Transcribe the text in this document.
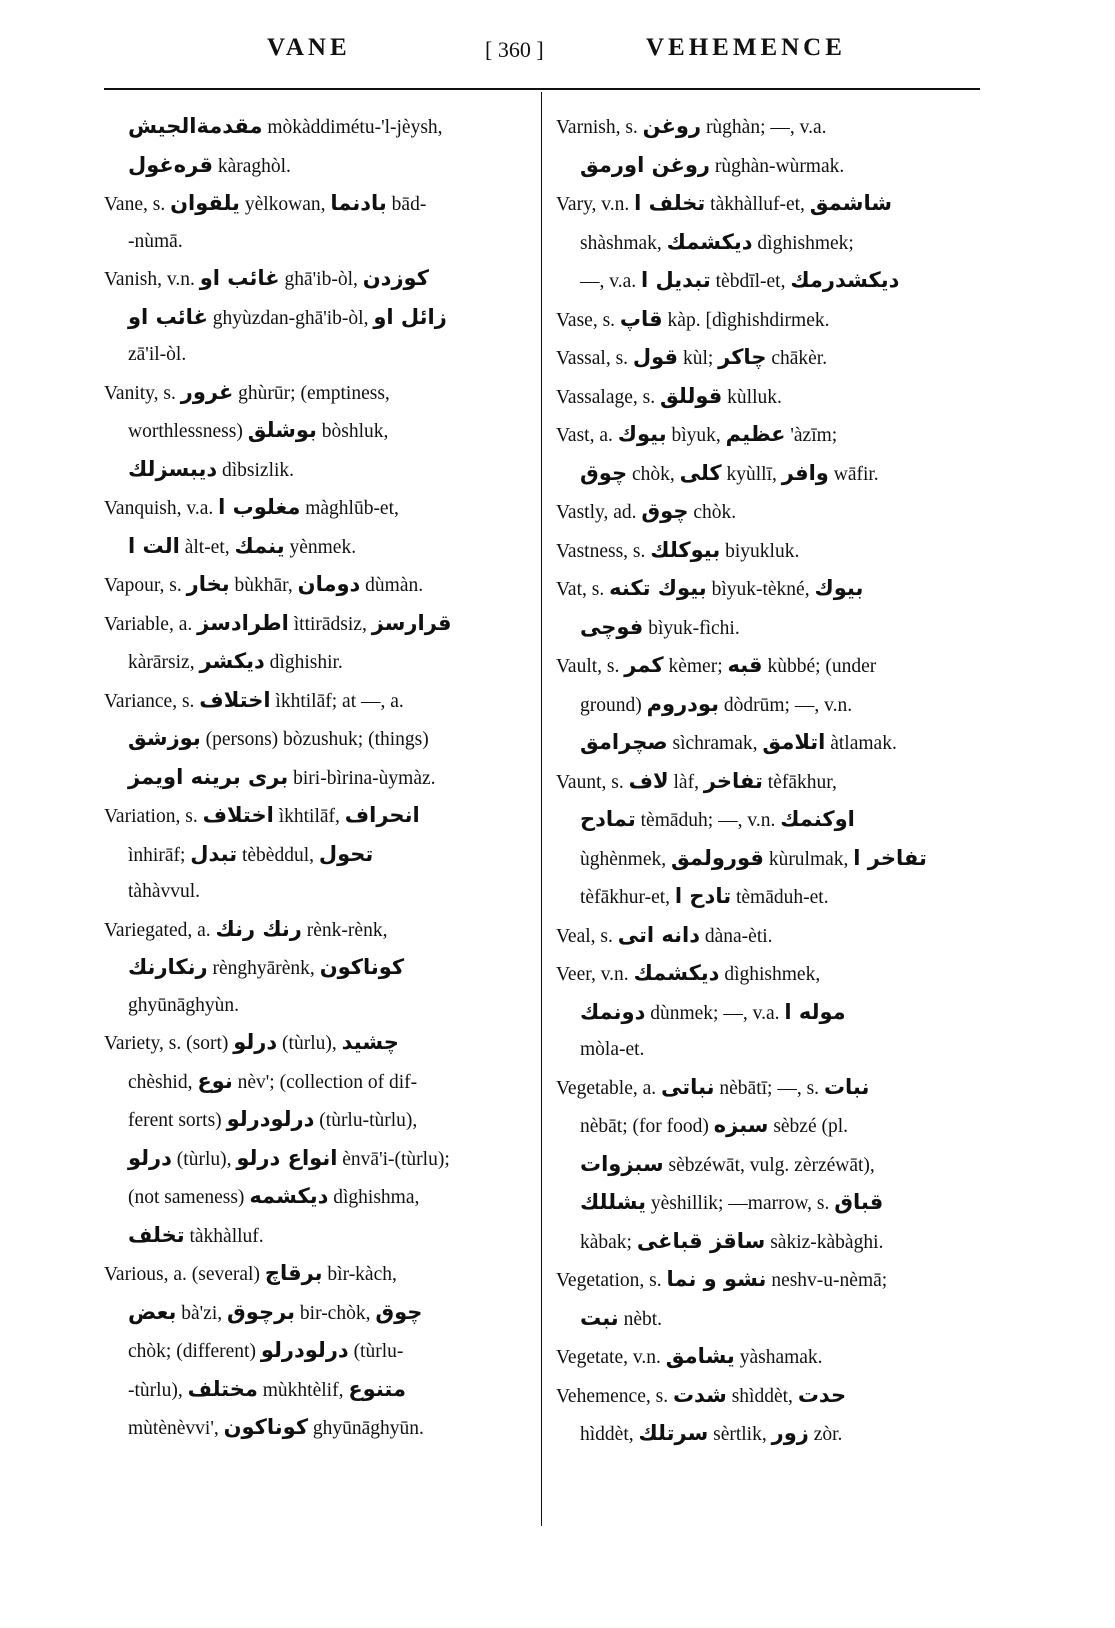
VANE	[ 360 ]	VEHEMENCE
مقدمةالجيش mòkàddimétu-'l-jèysh,
قرەغول kàraghòl.
Vane, s. يلقوان yèlkowan, بادنما bād-
-nùmā.
Vanish, v.n. غائب او ghā'ib-òl, كوزدن
غائب او ghyùzdan-ghā'ib-òl, زائل او
zā'il-òl.
Vanity, s. غرور ghùrūr; (emptiness,
worthlessness) بوشلق bòshluk,
ديبسزلك dìbsizlik.
Vanquish, v.a. مغلوب ا màghlūb-et,
الت ا àlt-et, ينمك yènmek.
Vapour, s. بخار bùkhār, دومان dùmàn.
Variable, a. اطرادسز ìttirādsiz, قرارسز
kàrārsiz, ديكشر dìghishir.
Variance, s. اختلاف ìkhtilāf; at —, a.
بوزشق (persons) bòzushuk; (things)
بری برينه اويمز biri-bìrina-ùymàz.
Variation, s. اختلاف ìkhtilāf, انحراف
ìnhirāf; تبدل tèbèddul, تحول
tàhàvvul.
Variegated, a. رنك رنك rènk-rènk,
رنكارنك rènghyārènk, كوناكون
ghyūnāghyùn.
Variety, s. (sort) درلو (tùrlu), چشيد
chèshid, نوع nèv'; (collection of dif-
ferent sorts) درلودرلو (tùrlu-tùrlu),
درلو (tùrlu), انواع درلو ènvā'i-(tùrlu);
(not sameness) ديكشمه dìghishma,
تخلف tàkhàlluf.
Various, a. (several) برقاچ bìr-kàch,
بعض bà'zi, برچوق bir-chòk, چوق
chòk; (different) درلودرلو (tùrlu-
-tùrlu), مختلف mùkhtèlif, متنوع
mùtènèvvi', كوناكون ghyūnāghyūn.
Varnish, s. روغن rùghàn; —, v.a.
روغن اورمق rùghàn-wùrmak.
Vary, v.n. تخلف ا tàkhàlluf-et, شاشمق
shàshmak, ديكشمك dìghishmek;
—, v.a. تبديل ا tèbdīl-et, ديكشدرمك
Vase, s. قاپ kàp. [dìghishdirmek.
Vassal, s. قول kùl; چاكر chākèr.
Vassalage, s. قوللق kùlluk.
Vast, a. بيوك bìyuk, عظيم 'àzīm;
چوق chòk, كلی kyùllī, وافر wāfir.
Vastly, ad. چوق chòk.
Vastness, s. بيوكلك biyukluk.
Vat, s. بيوك تكنه bìyuk-tèkné, بيوك
فوچی bìyuk-fìchi.
Vault, s. كمر kèmer; قبه kùbbé; (under
ground) بودروم dòdrūm; —, v.n.
صچرامق sìchramak, اتلامق àtlamak.
Vaunt, s. لاف làf, تفاخر tèfākhur,
تمادح tèmāduh; —, v.n. اوكنمك
ùghènmek, قورولمق kùrulmak, تفاخر ا
tèfākhur-et, تادح ا tèmāduh-et.
Veal, s. دانه اتی dàna-èti.
Veer, v.n. ديكشمك dìghishmek,
دونمك dùnmek; —, v.a. موله ا
mòla-et.
Vegetable, a. نباتی nèbātī; —, s. نبات
nèbāt; (for food) سبزه sèbzé (pl.
سبزوات sèbzéwāt, vulg. zèrzéwāt),
يشللك yèshillik; —marrow, s. قباق
kàbak; ساقز قباغی sàkiz-kàbàghi.
Vegetation, s. نشو و نما neshv-u-nèmā;
نبت nèbt.
Vegetate, v.n. يشامق yàshamak.
Vehemence, s. شدت shìddèt, حدت
hìddèt, سرتلك sèrtlik, زور zòr.
